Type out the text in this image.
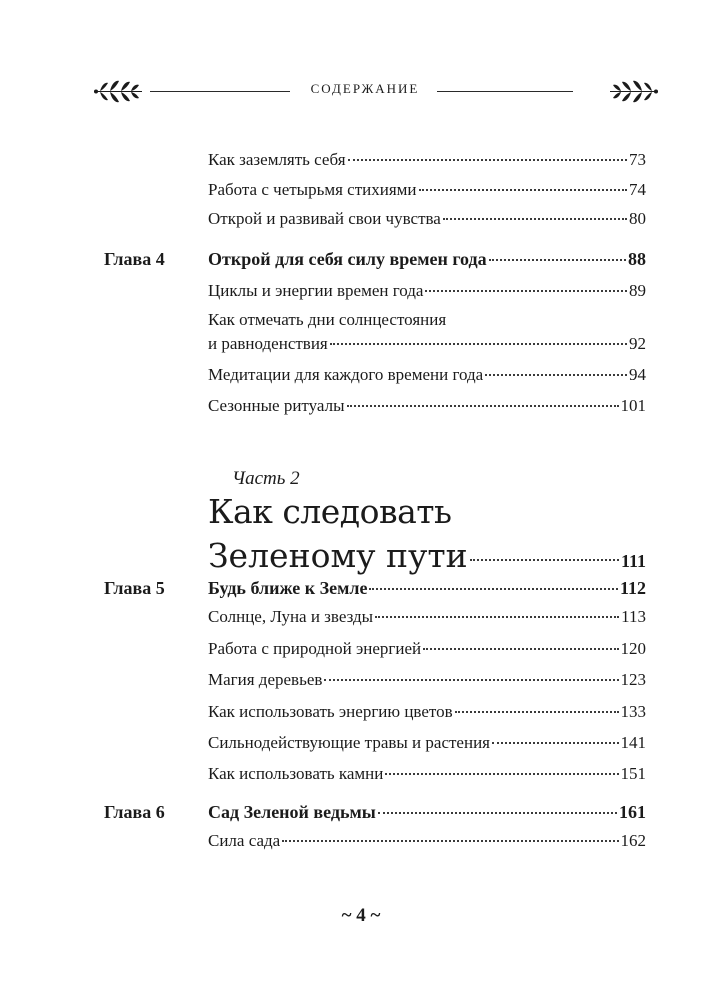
СОДЕРЖАНИЕ
Как заземлять себя	73
Работа с четырьмя стихиями	74
Открой и развивай свои чувства	80
Глава 4 Открой для себя силу времен года	88
Циклы и энергии времен года	89
Как отмечать дни солнцестояния
и равноденствия	92
Медитации для каждого времени года	94
Сезонные ритуалы	101
Часть 2
Как следовать
Зеленому пути	111
Глава 5 Будь ближе к Земле	112
Солнце, Луна и звезды	113
Работа с природной энергией	120
Магия деревьев	123
Как использовать энергию цветов	133
Сильнодействующие травы и растения	141
Как использовать камни	151
Глава 6 Сад Зеленой ведьмы	161
Сила сада	162
~ 4 ~
